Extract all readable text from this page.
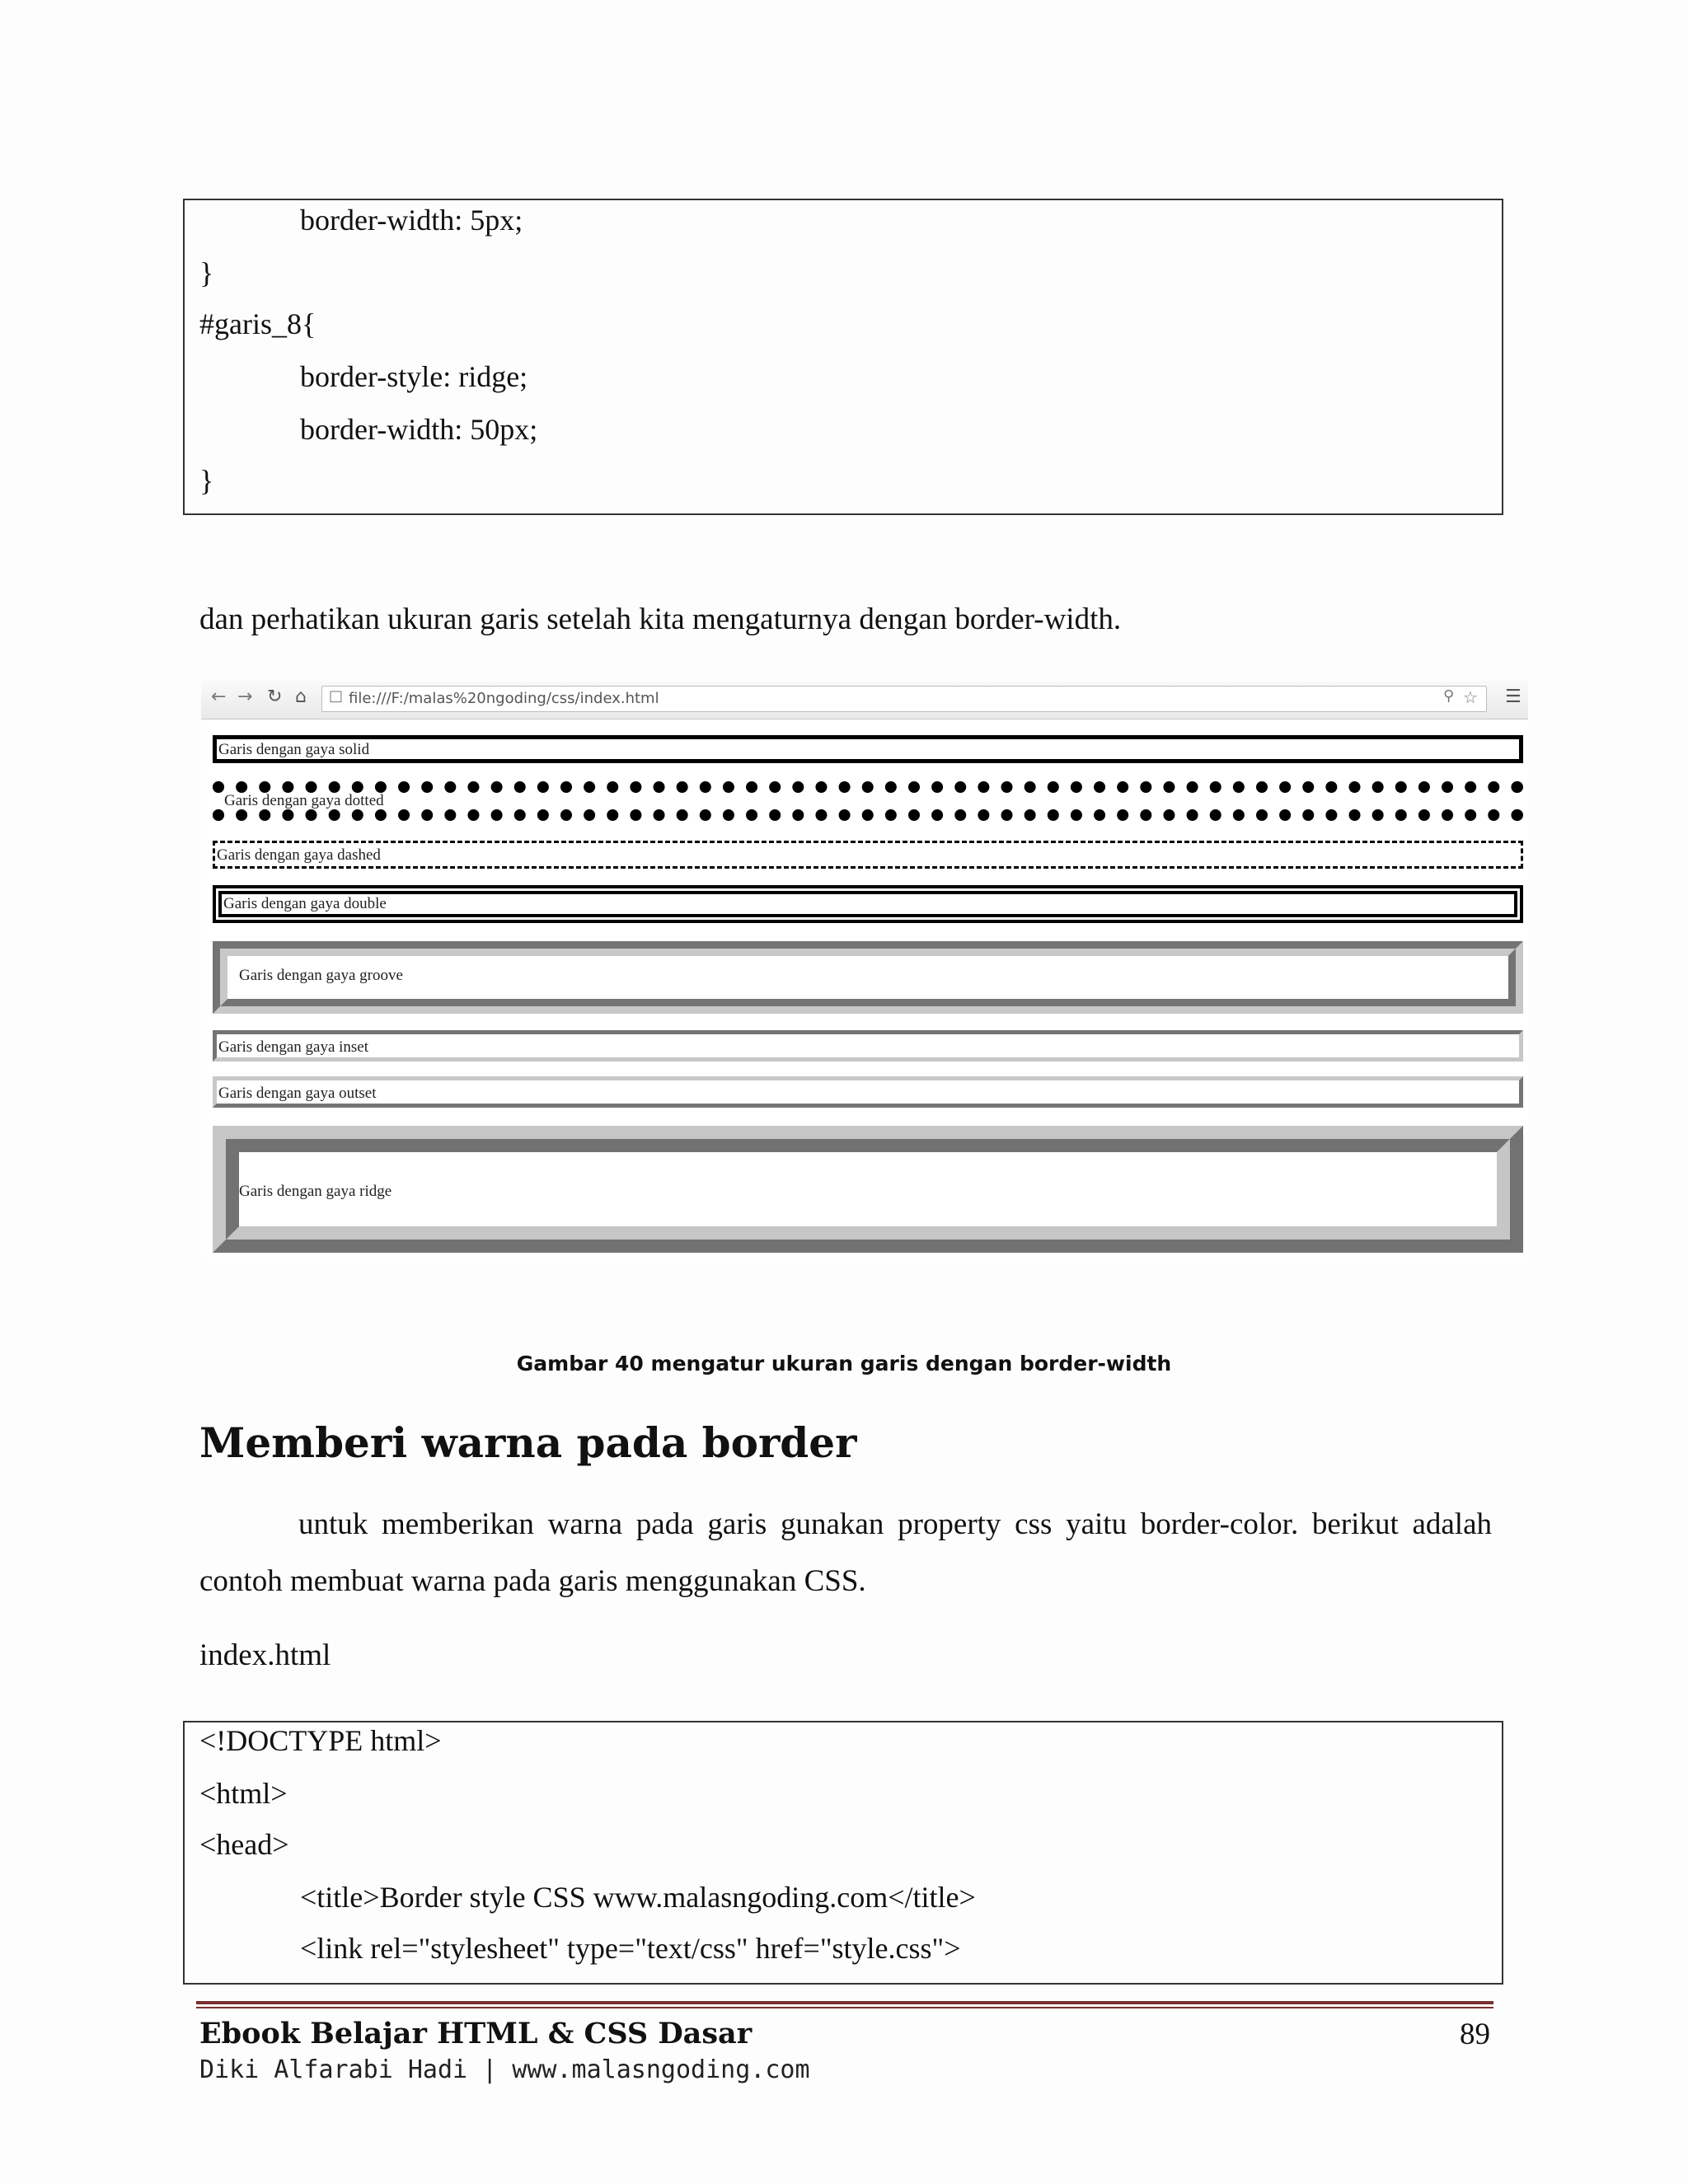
border-width: 5px;
}
#garis_8{
border-style: ridge;
border-width: 50px;
}
dan perhatikan ukuran garis setelah kita mengaturnya dengan border-width.
← → ↻ ⌂ □ file:///F:/malas%20ngoding/css/index.html	⚲ ☆ ☰
Garis dengan gaya solid
Garis dengan gaya dotted
Garis dengan gaya dashed
Garis dengan gaya double
Garis dengan gaya groove
Garis dengan gaya inset
Garis dengan gaya outset
Garis dengan gaya ridge
Gambar 40 mengatur ukuran garis dengan border-width
Memberi warna pada border
untuk memberikan warna pada garis gunakan property css yaitu border-color. berikut adalah contoh membuat warna pada garis menggunakan CSS.
index.html
<!DOCTYPE html>
<html>
<head>
<title>Border style CSS www.malasngoding.com</title>
<link rel="stylesheet" type="text/css" href="style.css">
Ebook Belajar HTML & CSS Dasar	89
Diki Alfarabi Hadi | www.malasngoding.com
